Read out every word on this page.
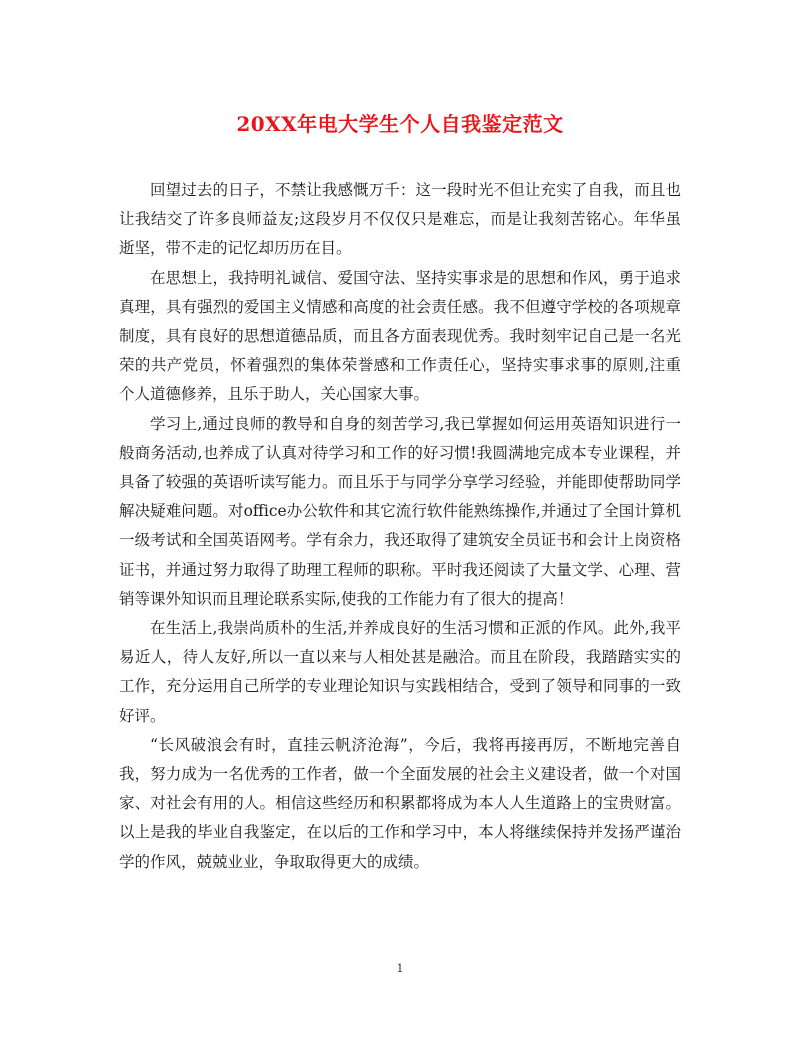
20XX年电大学生个人自我鉴定范文

回望过去的日子，不禁让我感慨万千：这一段时光不但让充实了自我，而且也让我结交了许多良师益友;这段岁月不仅仅只是难忘，而是让我刻苦铭心。年华虽逝坚，带不走的记忆却历历在目。

在思想上，我持明礼诚信、爱国守法、坚持实事求是的思想和作风，勇于追求真理，具有强烈的爱国主义情感和高度的社会责任感。我不但遵守学校的各项规章制度，具有良好的思想道德品质，而且各方面表现优秀。我时刻牢记自己是一名光荣的共产党员，怀着强烈的集体荣誉感和工作责任心，坚持实事求事的原则,注重个人道德修养，且乐于助人，关心国家大事。

学习上,通过良师的教导和自身的刻苦学习,我已掌握如何运用英语知识进行一般商务活动,也养成了认真对待学习和工作的好习惯!我圆满地完成本专业课程，并具备了较强的英语听读写能力。而且乐于与同学分享学习经验，并能即使帮助同学解决疑难问题。对office办公软件和其它流行软件能熟练操作,并通过了全国计算机一级考试和全国英语网考。学有余力，我还取得了建筑安全员证书和会计上岗资格证书，并通过努力取得了助理工程师的职称。平时我还阅读了大量文学、心理、营销等课外知识而且理论联系实际,使我的工作能力有了很大的提高！

在生活上,我崇尚质朴的生活,并养成良好的生活习惯和正派的作风。此外,我平易近人，待人友好,所以一直以来与人相处甚是融洽。而且在阶段，我踏踏实实的工作，充分运用自己所学的专业理论知识与实践相结合，受到了领导和同事的一致好评。

“长风破浪会有时，直挂云帆济沧海”，今后，我将再接再厉，不断地完善自我，努力成为一名优秀的工作者，做一个全面发展的社会主义建设者，做一个对国家、对社会有用的人。相信这些经历和积累都将成为本人人生道路上的宝贵财富。以上是我的毕业自我鉴定，在以后的工作和学习中，本人将继续保持并发扬严谨治学的作风，兢兢业业，争取取得更大的成绩。

1
